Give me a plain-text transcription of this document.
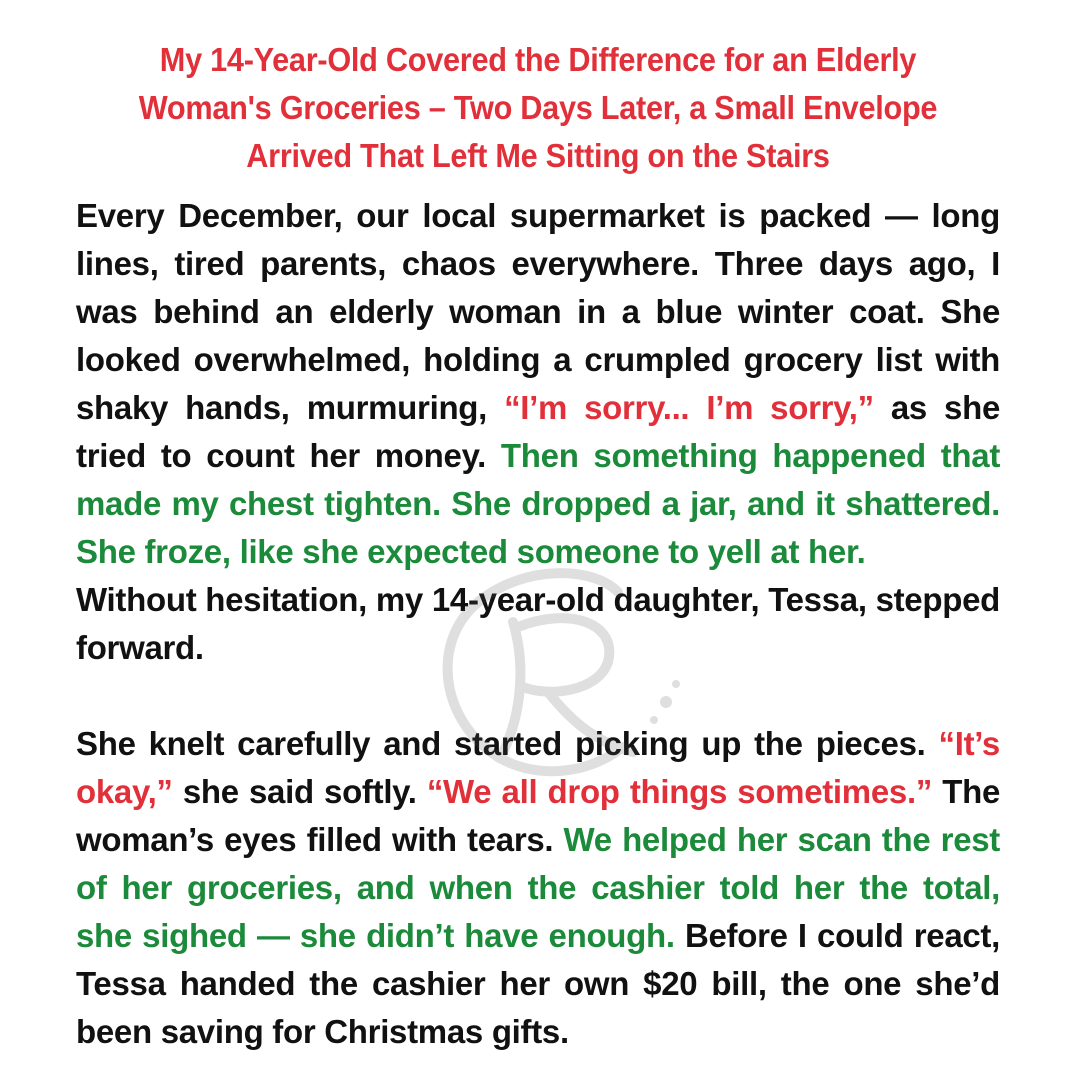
My 14-Year-Old Covered the Difference for an Elderly Woman's Groceries – Two Days Later, a Small Envelope Arrived That Left Me Sitting on the Stairs

Every December, our local supermarket is packed — long lines, tired parents, chaos everywhere. Three days ago, I was behind an elderly woman in a blue winter coat. She looked overwhelmed, holding a crumpled grocery list with shaky hands, murmuring, “I’m sorry... I’m sorry,” as she tried to count her money. Then something happened that made my chest tighten. She dropped a jar, and it shattered. She froze, like she expected someone to yell at her.

Without hesitation, my 14-year-old daughter, Tessa, stepped forward.

She knelt carefully and started picking up the pieces. “It’s okay,” she said softly. “We all drop things sometimes.” The woman’s eyes filled with tears. We helped her scan the rest of her groceries, and when the cashier told her the total, she sighed — she didn’t have enough. Before I could react, Tessa handed the cashier her own $20 bill, the one she’d been saving for Christmas gifts.
